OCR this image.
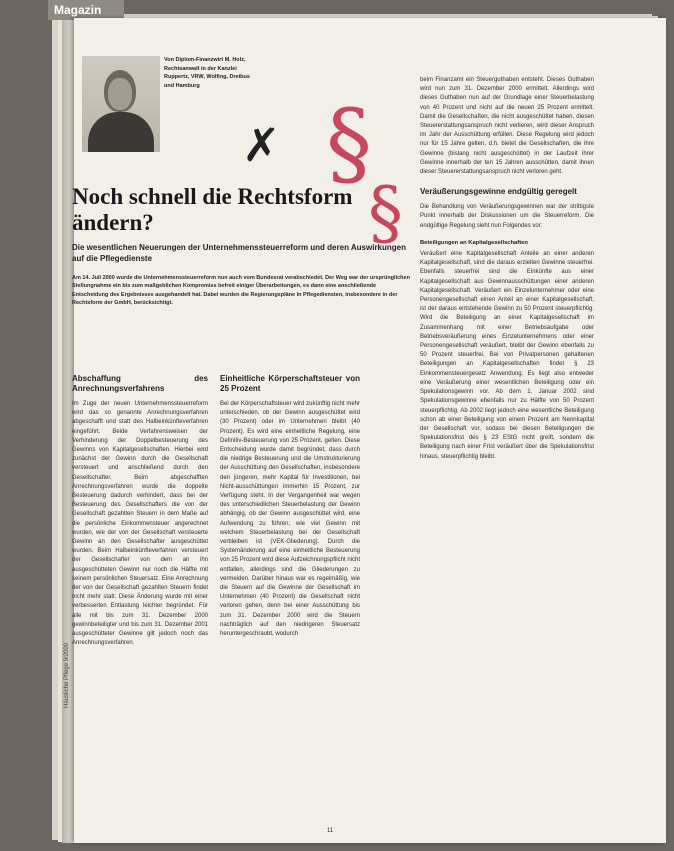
Magazin
Von Diplom-Finanzwirt M. Holz, Rechtsanwalt in der Kanzlei Ruppertz, VRW, Wolfing, Dreibus und Hamburg
✗ §
§
Noch schnell die Rechtsform ändern?
Die wesentlichen Neuerungen der Unternehmenssteuerreform und deren Auswirkungen auf die Pflegedienste

Am 14. Juli 2000 wurde die Unternehmenssteuerreform nun auch vom Bundesrat verabschiedet. Der Weg war der ursprünglichen Stellungnahme ein bis zum maßgeblichen Kompromiss befreit einiger Überarbeitungen, es dann eine anschließende Entscheidung des Ergebnisses ausgehandelt hat. Dabei wurden die Regierungspläne in Pflegediensten, insbesondere in der Rechtsform der GmbH, berücksichtigt.

Abschaffung des Anrechnungsverfahrens

Im Zuge der neuen Unternehmenssteuerreform wird das so genannte Anrechnungsverfahren abgeschafft und statt des Halbeinkünfteverfahren eingeführt. Beide Verfahrensweisen der Verhinderung der Doppelbesteuerung des Gewinns von Kapitalgesellschaften. Hierbei wird zunächst der Gewinn durch die Gesellschaft versteuert und anschließend durch den Gesellschafter. Beim abgeschafften Anrechnungsverfahren wurde die doppelte Besteuerung dadurch verhindert, dass bei der Besteuerung des Gesellschafters die von der Gesellschaft gezahlten Steuern in dem Maße auf die persönliche Einkommensteuer angerechnet wurden, wie der von der Gesellschaft versteuerte Gewinn an den Gesellschafter ausgeschüttet wurden. Beim Halbeinkünfteverfahren versteuert der Gesellschafter von dem an ihn ausgeschütteten Gewinn nur noch die Hälfte mit seinem persönlichen Steuersatz. Eine Anrechnung der von der Gesellschaft gezahlten Steuern findet nicht mehr statt. Diese Änderung wurde mit einer verbesserten Entlastung leichter begründet. Für alle mit bis zum 31. Dezember 2000 gewinnbeteiligter und bis zum 31. Dezember 2001 ausgeschütteter Gewinne gilt jedoch noch das Anrechnungsverfahren.

Einheitliche Körperschaftsteuer von 25 Prozent

Bei der Körperschaftsteuer wird zukünftig nicht mehr unterschieden, ob der Gewinn ausgeschüttet wird (30 Prozent) oder im Unternehmen bleibt (40 Prozent). Es wird eine einheitliche Regelung, eine Definitiv-Besteuerung von 25 Prozent, gelten. Diese Entscheidung wurde damit begründet, dass durch die niedrige Besteuerung und die Umstrukturierung der Ausschüttung den Gesellschaften, insbesondere den jüngeren, mehr Kapital für Investitionen, bei Nicht-ausschüttungen immerhin 15 Prozent, zur Verfügung steht. In der Vergangenheit war wegen des unterschiedlichen Steuerbelastung der Gewinn abhängig, ob der Gewinn ausgeschüttet wird, eine Aufwendung zu führen, wie viel Gewinn mit welchem Steuerbelastung bei der Gesellschaft verbleiben ist (VEK-Gliederung). Durch die Systemänderung auf eine einheitliche Besteuerung von 25 Prozent wird diese Aufzeichnungspflicht nicht entfallen, allerdings sind die Gliederungen zu vermeiden. Darüber hinaus war es regelmäßig, wie die Steuern auf die Gewinne der Gesellschaft im Unternehmen (40 Prozent) die Gesellschaft nicht verloren gehen, denn bei einer Ausschüttung bis zum 31. Dezember 2000 wird die Steuern nachträglich auf den niedrigeren Steuersatz heruntergeschraubt, wodurch

beim Finanzamt ein Steuerguthaben entsteht. Dieses Guthaben wird nun zum 31. Dezember 2000 ermittelt. Allerdings wird dieses Guthaben nun auf der Grundlage einer Steuerbelastung von 40 Prozent und nicht auf die neuen 25 Prozent ermittelt. Damit die Gesellschaften, die nicht ausgeschüttet haben, diesen Steuererstattungsanspruch nicht verlieren, wird dieser Anspruch im Jahr der Ausschüttung erfüllen. Diese Regelung wird jedoch nur für 15 Jahre gelten, d.h. bietet die Gesellschaften, die ihre Gewinne (bislang nicht ausgeschüttet) in der Laufzeit ihrer Gewinne innerhalb der ten 15 Jahren ausschütten, damit ihnen dieser Steuererstattungsanspruch nicht verloren geht.

Veräußerungsgewinne endgültig geregelt

Die Behandlung von Veräußerungsgewinnen war der strittigste Punkt innerhalb der Diskussionen um die Steuerreform. Die endgültige Regelung sieht nun Folgendes vor:

Beteiligungen an Kapitalgesellschaften

Veräußert eine Kapitalgesellschaft Anteile an einer anderen Kapitalgesellschaft, sind die daraus erzielten Gewinne steuerfrei. Ebenfalls steuerfrei sind die Einkünfte aus einer Kapitalgesellschaft aus Gewinnausschüttungen einer anderen Kapitalgesellschaft. Veräußert ein Einzelunternehmer oder eine Personengesellschaft einen Anteil an einer Kapitalgesellschaft, ist der daraus entstehende Gewinn zu 50 Prozent steuerpflichtig. Wird die Beteiligung an einer Kapitalgesellschaft im Zusammenhang mit einer Betriebsaufgabe oder Betriebsveräußerung eines Einzelunternehmens oder einer Personengesellschaft veräußert, bleibt der Gewinn ebenfalls zu 50 Prozent steuerfrei. Bei von Privatpersonen gehaltenen Beteiligungen an Kapitalgesellschaften findet § 23 Einkommensteuergesetz Anwendung. Es liegt also entweder eine Veräußerung einer wesentlichen Beteiligung oder ein Spekulationsgewinn vor. Ab dem 1. Januar 2002 sind Spekulationsgewinne ebenfalls nur zu Hälfte von 50 Prozent steuerpflichtig. Ab 2002 liegt jedoch eine wesentliche Beteiligung schon ab einer Beteiligung von einem Prozent am Nennkapital der Gesellschaft vor, sodass bei diesen Beteiligungen die Spekulationsfrist des § 23 EStG nicht greift, sondern die Beteiligung nach einer Frist veräußert über die Spekulationsfrist hinaus, steuerpflichtig bleibt.

Häusliche Pflege 9/2000
11
